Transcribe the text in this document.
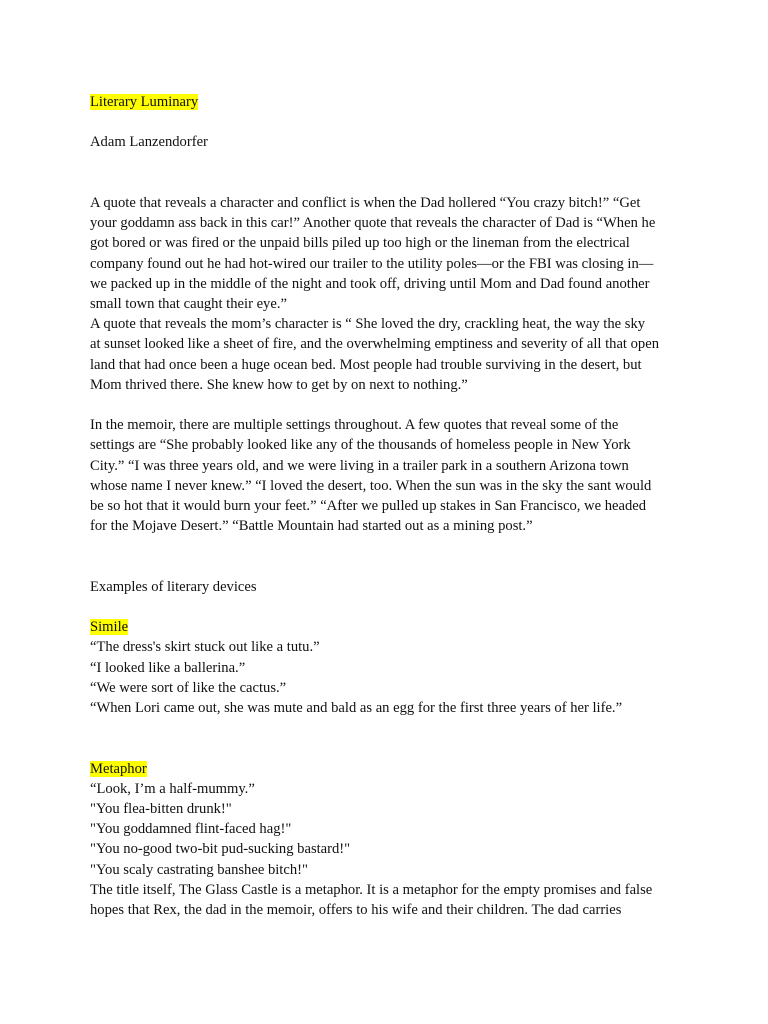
Literary Luminary
Adam Lanzendorfer
A quote that reveals a character and conflict is when the Dad hollered “You crazy bitch!” “Get
your goddamn ass back in this car!” Another quote that reveals the character of Dad is “When he
got bored or was fired or the unpaid bills piled up too high or the lineman from the electrical
company found out he had hot-wired our trailer to the utility poles—or the FBI was closing in—
we packed up in the middle of the night and took off, driving until Mom and Dad found another
small town that caught their eye.”
A quote that reveals the mom’s character is “ She loved the dry, crackling heat, the way the sky
at sunset looked like a sheet of fire, and the overwhelming emptiness and severity of all that open
land that had once been a huge ocean bed. Most people had trouble surviving in the desert, but
Mom thrived there. She knew how to get by on next to nothing.”
In the memoir, there are multiple settings throughout. A few quotes that reveal some of the
settings are “She probably looked like any of the thousands of homeless people in New York
City.” “I was three years old, and we were living in a trailer park in a southern Arizona town
whose name I never knew.” “I loved the desert, too. When the sun was in the sky the sant would
be so hot that it would burn your feet.” “After we pulled up stakes in San Francisco, we headed
for the Mojave Desert.” “Battle Mountain had started out as a mining post.”
Examples of literary devices
Simile
“The dress's skirt stuck out like a tutu.”
“I looked like a ballerina.”
“We were sort of like the cactus.”
“When Lori came out, she was mute and bald as an egg for the first three years of her life.”
Metaphor
“Look, I’m a half-mummy.”
"You flea-bitten drunk!"
"You goddamned flint-faced hag!"
"You no-good two-bit pud-sucking bastard!"
"You scaly castrating banshee bitch!"
The title itself, The Glass Castle is a metaphor. It is a metaphor for the empty promises and false
hopes that Rex, the dad in the memoir, offers to his wife and their children. The dad carries
